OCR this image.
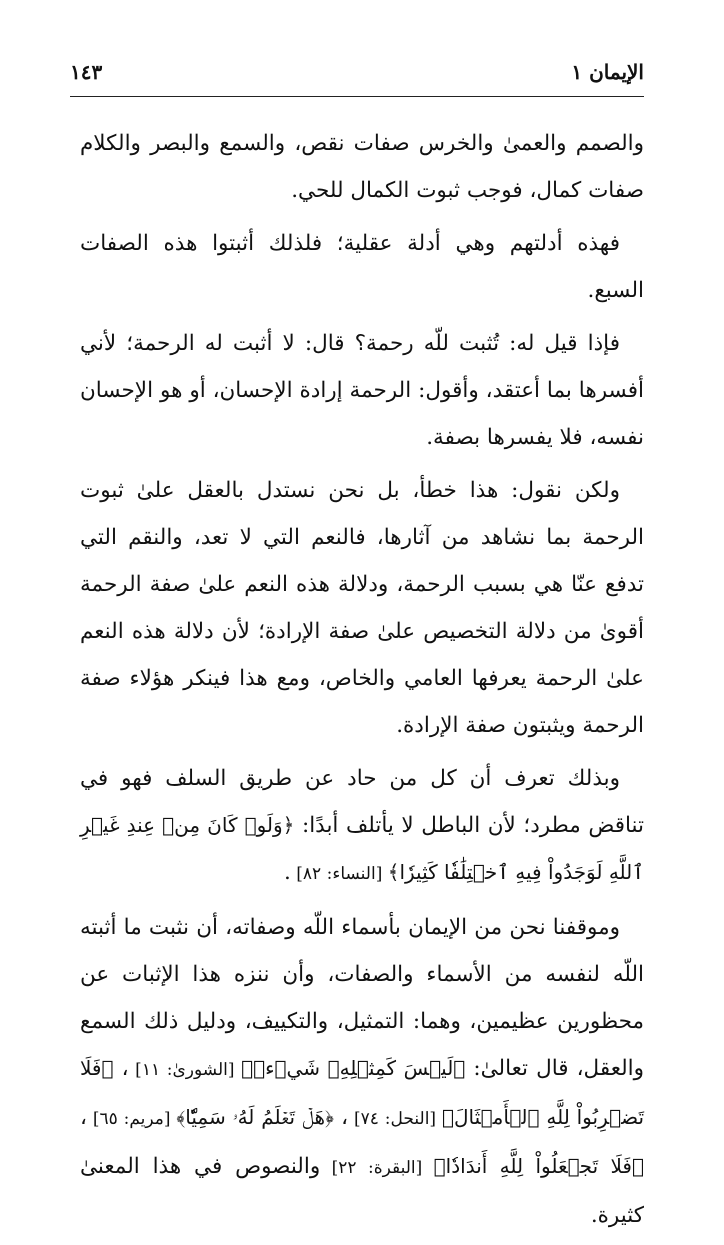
الإيمان ١
١٤٣

والصمم والعمىٰ والخرس صفات نقص، والسمع والبصر والكلام صفات كمال، فوجب ثبوت الكمال للحي.

فهذه أدلتهم وهي أدلة عقلية؛ فلذلك أثبتوا هذه الصفات السبع.

فإذا قيل له: تُثبت للّه رحمة؟ قال: لا أثبت له الرحمة؛ لأني أفسرها بما أعتقد، وأقول: الرحمة إرادة الإحسان، أو هو الإحسان نفسه، فلا يفسرها بصفة.

ولكن نقول: هذا خطأ، بل نحن نستدل بالعقل علىٰ ثبوت الرحمة بما نشاهد من آثارها، فالنعم التي لا تعد، والنقم التي تدفع عنّا هي بسبب الرحمة، ودلالة هذه النعم علىٰ صفة الرحمة أقوىٰ من دلالة التخصيص علىٰ صفة الإرادة؛ لأن دلالة هذه النعم علىٰ الرحمة يعرفها العامي والخاص، ومع هذا فينكر هؤلاء صفة الرحمة ويثبتون صفة الإرادة.

وبذلك تعرف أن كل من حاد عن طريق السلف فهو في تناقض مطرد؛ لأن الباطل لا يأتلف أبدًا: ﴿وَلَوۡ كَانَ مِنۡ عِندِ غَيۡرِ ٱللَّهِ لَوَجَدُواْ فِيهِ ٱخۡتِلَٰفٗا كَثِيرٗا﴾ [النساء: ٨٢] .

وموقفنا نحن من الإيمان بأسماء اللّه وصفاته، أن نثبت ما أثبته اللّه لنفسه من الأسماء والصفات، وأن ننزه هذا الإثبات عن محظورين عظيمين، وهما: التمثيل، والتكييف، ودليل ذلك السمع والعقل، قال تعالىٰ: ﴿لَيۡسَ كَمِثۡلِهِۦ شَيۡءٞ﴾ [الشورىٰ: ١١] ، ﴿فَلَا تَضۡرِبُواْ لِلَّهِ ٱلۡأَمۡثَالَ﴾ [النحل: ٧٤] ، ﴿هَلۡ تَعۡلَمُ لَهُۥ سَمِيّٗا﴾ [مريم: ٦٥] ، ﴿فَلَا تَجۡعَلُواْ لِلَّهِ أَندَادٗا﴾ [البقرة: ٢٢] والنصوص في هذا المعنىٰ كثيرة.
